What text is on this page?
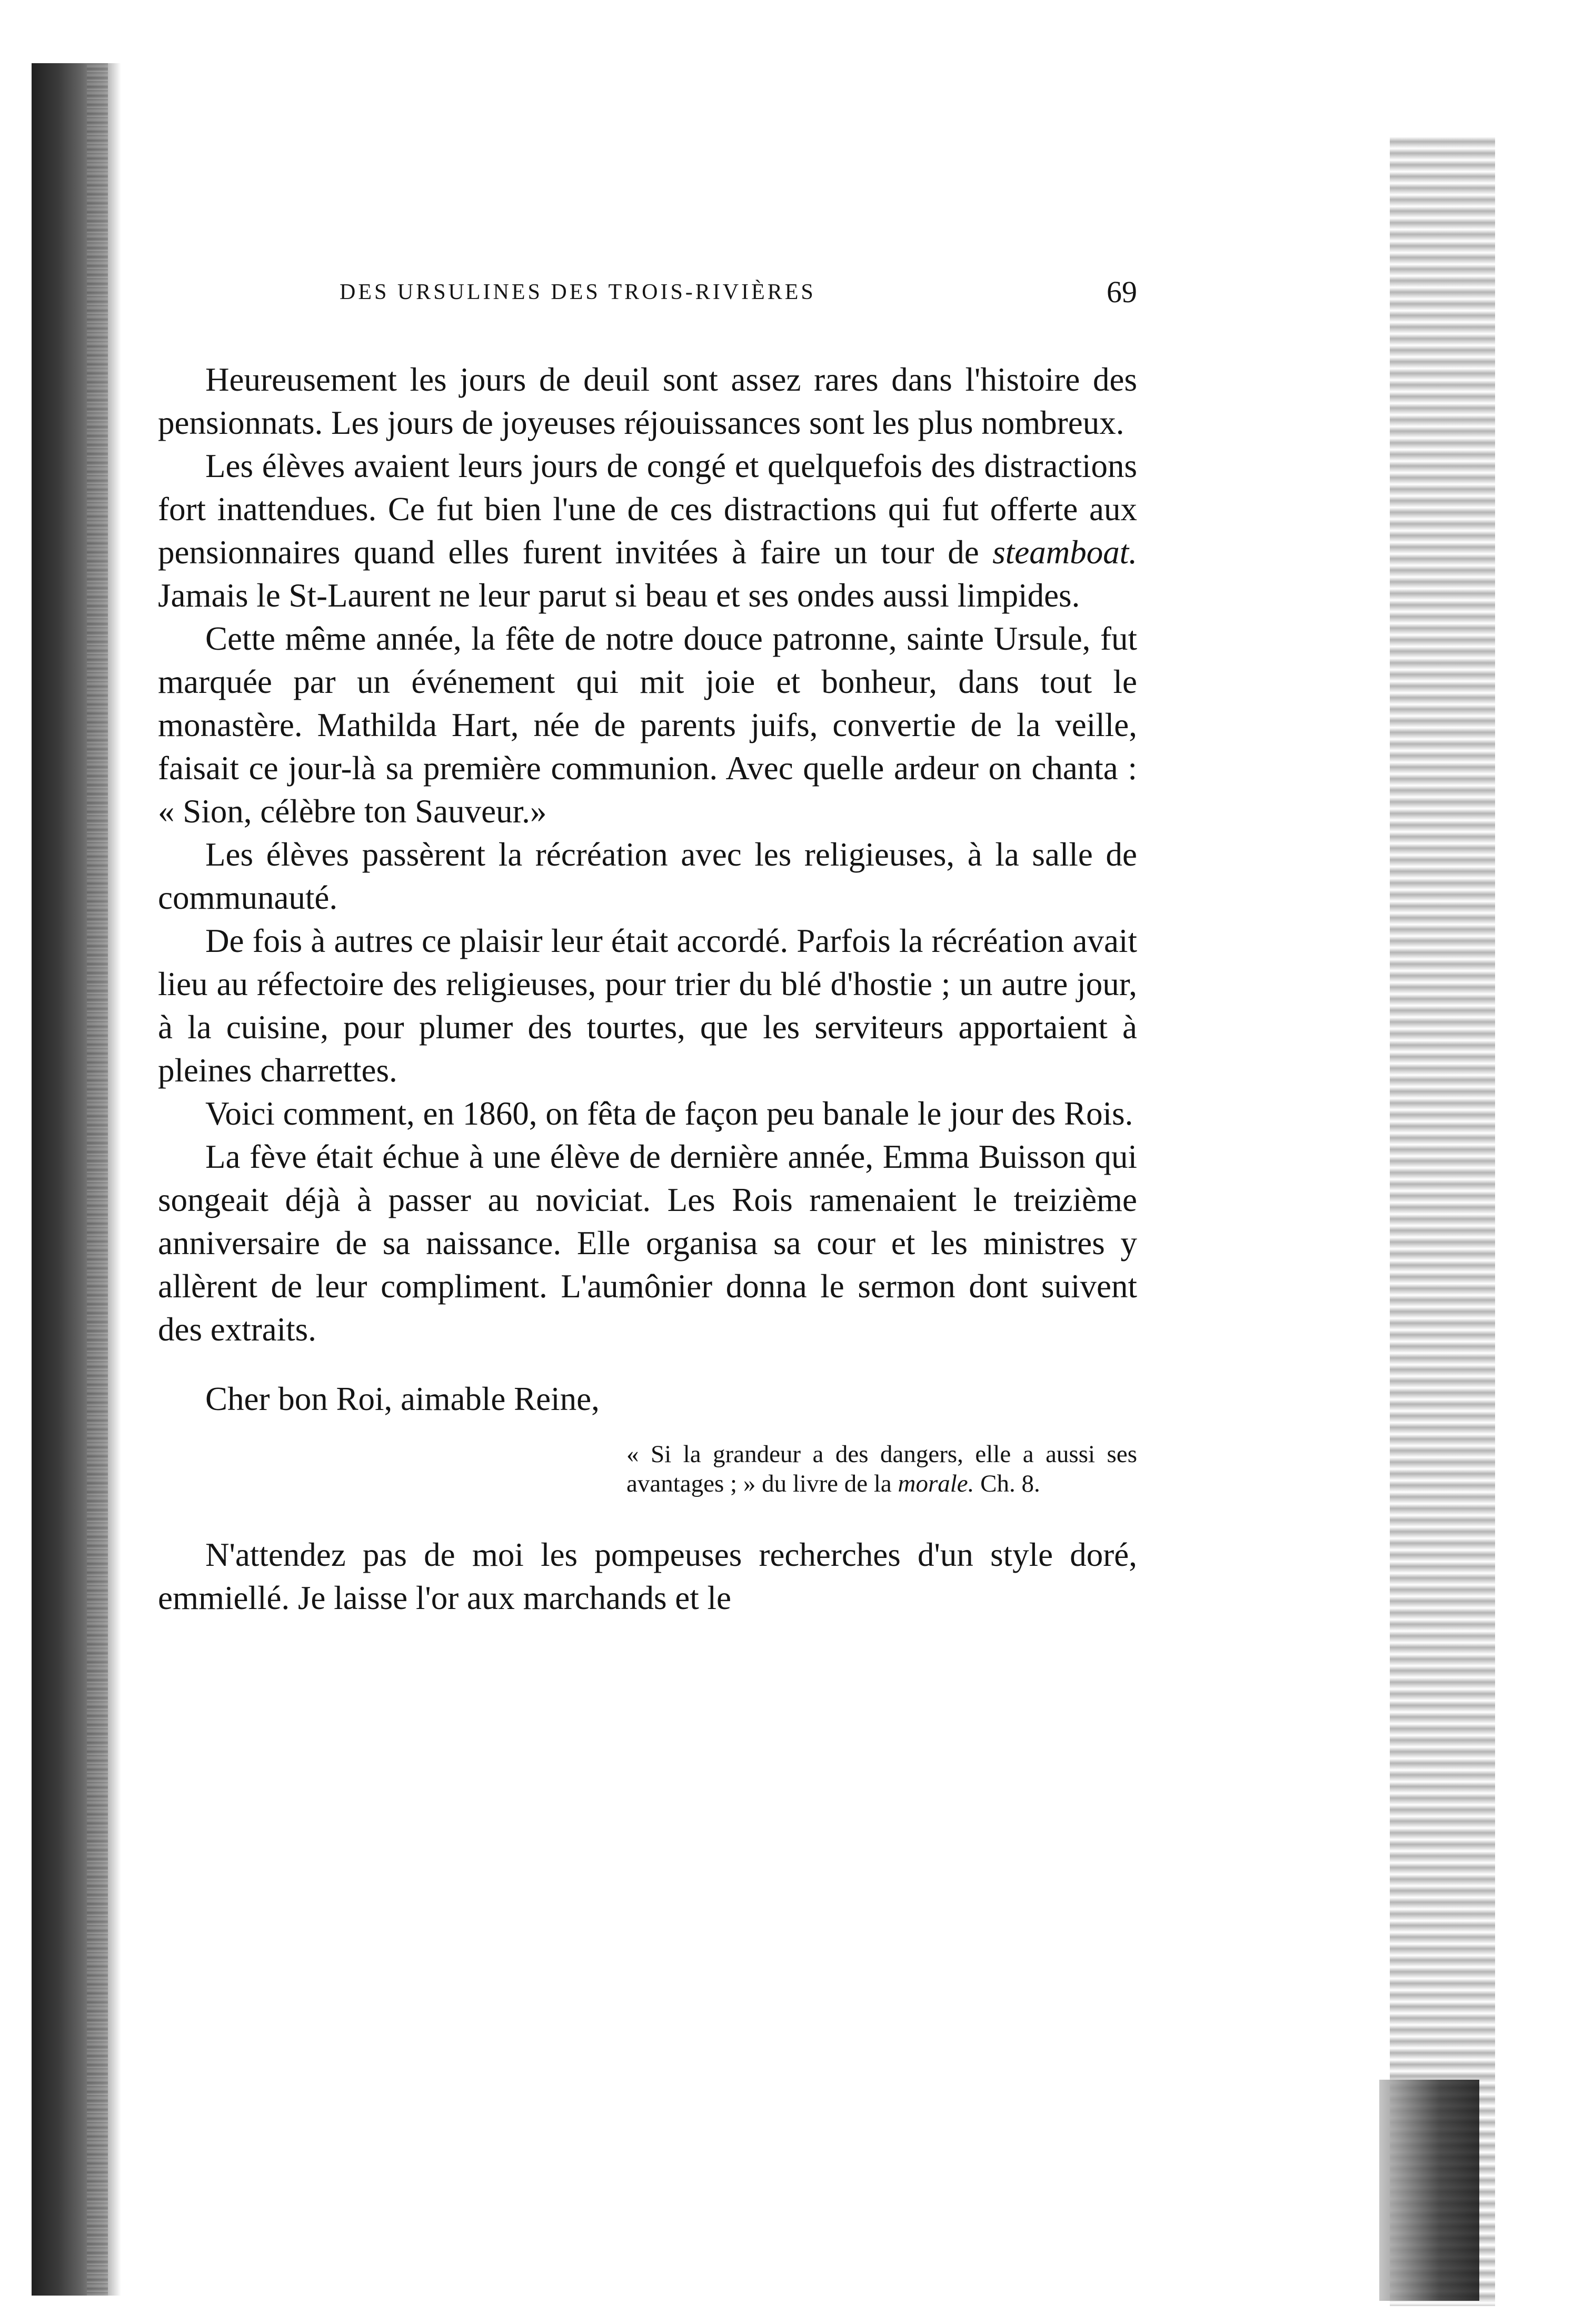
DES URSULINES DES TROIS-RIVIÈRES	69

Heureusement les jours de deuil sont assez rares dans l'histoire des pensionnats. Les jours de joyeuses réjouissances sont les plus nombreux.

Les élèves avaient leurs jours de congé et quelquefois des distractions fort inattendues. Ce fut bien l'une de ces distractions qui fut offerte aux pensionnaires quand elles furent invitées à faire un tour de steamboat. Jamais le St-Laurent ne leur parut si beau et ses ondes aussi limpides.

Cette même année, la fête de notre douce patronne, sainte Ursule, fut marquée par un événement qui mit joie et bonheur, dans tout le monastère. Mathilda Hart, née de parents juifs, convertie de la veille, faisait ce jour-là sa première communion. Avec quelle ardeur on chanta : « Sion, célèbre ton Sauveur.»

Les élèves passèrent la récréation avec les religieuses, à la salle de communauté.

De fois à autres ce plaisir leur était accordé. Parfois la récréation avait lieu au réfectoire des religieuses, pour trier du blé d'hostie ; un autre jour, à la cuisine, pour plumer des tourtes, que les serviteurs apportaient à pleines charrettes.

Voici comment, en 1860, on fêta de façon peu banale le jour des Rois.

La fève était échue à une élève de dernière année, Emma Buisson qui songeait déjà à passer au noviciat. Les Rois ramenaient le treizième anniversaire de sa naissance. Elle organisa sa cour et les ministres y allèrent de leur compliment. L'aumônier donna le sermon dont suivent des extraits.

Cher bon Roi, aimable Reine,
« Si la grandeur a des dangers, elle a aussi ses avantages ; » du livre de la morale. Ch. 8.

N'attendez pas de moi les pompeuses recherches d'un style doré, emmiellé. Je laisse l'or aux marchands et le
